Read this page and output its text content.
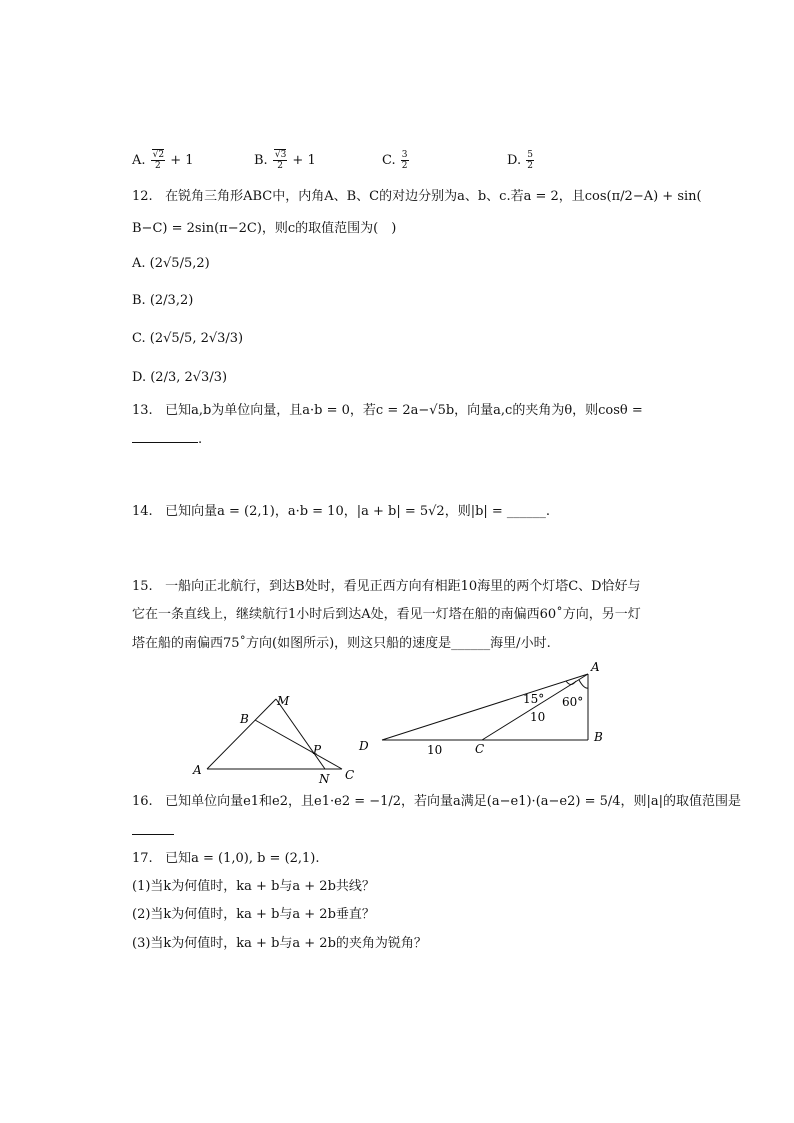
A. $\frac{√2}{2} + 1$	B. $\frac{√3}{2} + 1$	C. $\frac{3}{2}$	D. $\frac{5}{2}$
12. 在锐角三角形ABC中，内角A、B、C的对边分别为a、b、c.若a = 2，且cos(π/2−A) + sin(
B−C) = 2sin(π−2C)，则c的取值范围为(　)
A. (2√5/5,2)
B. (2/3,2)
C. (2√5/5, 2√3/3)
D. (2/3, 2√3/3)
13. 已知a,b为单位向量，且a·b = 0，若c = 2a−√5b，向量a,c的夹角为θ，则cosθ =
.
14. 已知向量a = (2,1)，a·b = 10，|a + b| = 5√2，则|b| = ______.
15. 一船向正北航行，到达B处时，看见正西方向有相距10海里的两个灯塔C、D恰好与
它在一条直线上，继续航行1小时后到达A处，看见一灯塔在船的南偏西60˚方向，另一灯
塔在船的南偏西75˚方向(如图所示)，则这只船的速度是______海里/小时.
A
B
M
P
N C
A
B
C
D
15° 60°
10
10
16. 已知单位向量e1和e2，且e1·e2 = −1/2，若向量a满足(a−e1)·(a−e2) = 5/4，则|a|的取值范围是
17. 已知a = (1,0), b = (2,1).
(1)当k为何值时，ka + b与a + 2b共线？
(2)当k为何值时，ka + b与a + 2b垂直？
(3)当k为何值时，ka + b与a + 2b的夹角为锐角？
